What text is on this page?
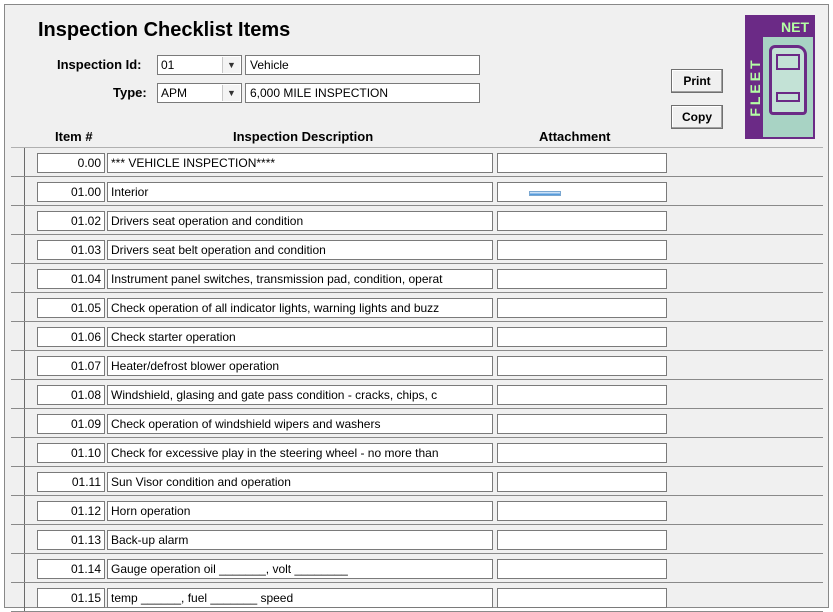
Inspection Checklist Items
Inspection Id: 01	▼	Vehicle
Type: APM	▼	6,000 MILE INSPECTION
Print
Copy
NET
FLEET
Item #	Inspection Description	Attachment
0.00 *** VEHICLE INSPECTION****
01.00 Interior
01.02 Drivers seat operation and condition
01.03 Drivers seat belt operation and condition
01.04 Instrument panel switches, transmission pad, condition, operat
01.05 Check operation of all indicator lights, warning lights and buzz
01.06 Check starter operation
01.07 Heater/defrost blower operation
01.08 Windshield, glasing and gate pass condition - cracks, chips, c
01.09 Check operation of windshield wipers and washers
01.10 Check for excessive play in the steering wheel - no more than
01.11 Sun Visor condition and operation
01.12 Horn operation
01.13 Back-up alarm
01.14 Gauge operation oil _______, volt ________
01.15 temp ______, fuel _______ speed
